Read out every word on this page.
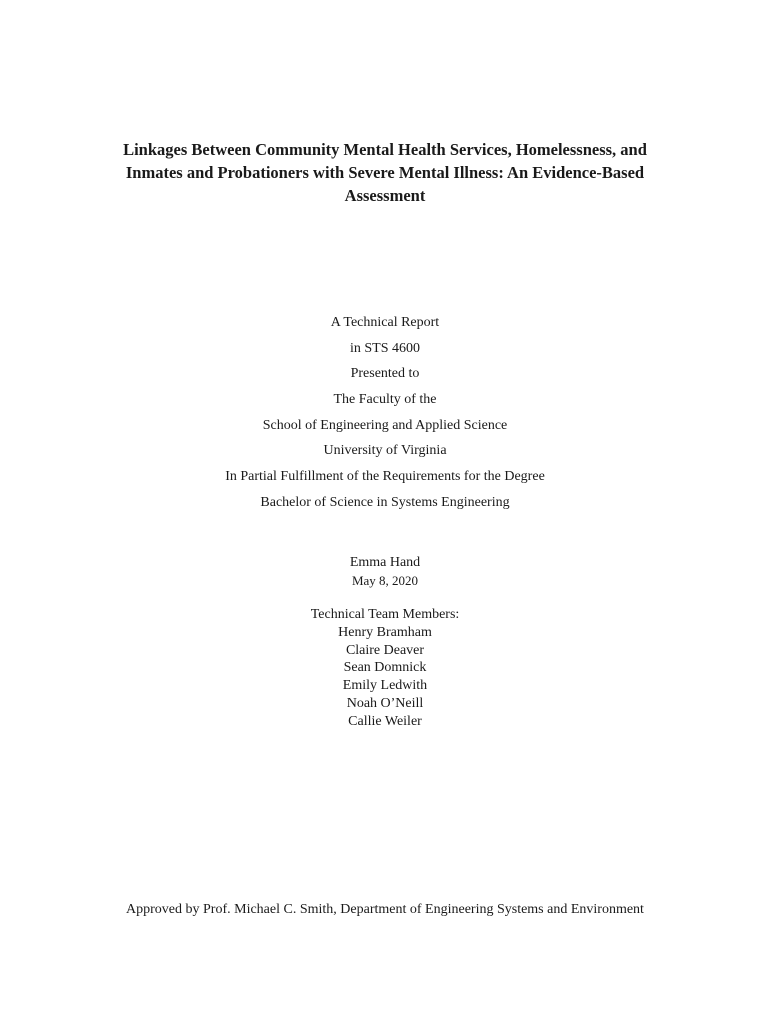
Linkages Between Community Mental Health Services, Homelessness, and
Inmates and Probationers with Severe Mental Illness: An Evidence-Based
Assessment
A Technical Report
in STS 4600
Presented to
The Faculty of the
School of Engineering and Applied Science
University of Virginia
In Partial Fulfillment of the Requirements for the Degree
Bachelor of Science in Systems Engineering
Emma Hand
May 8, 2020
Technical Team Members:
Henry Bramham
Claire Deaver
Sean Domnick
Emily Ledwith
Noah O’Neill
Callie Weiler
Approved by Prof. Michael C. Smith, Department of Engineering Systems and Environment
